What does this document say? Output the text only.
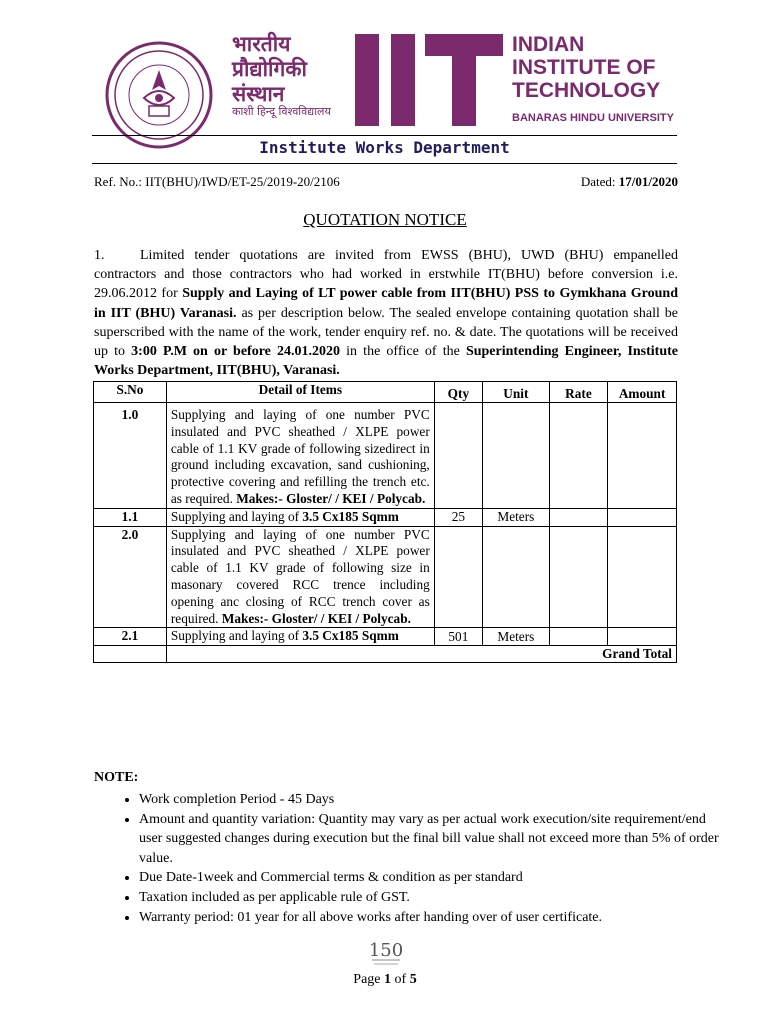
भारतीय
प्रौद्योगिकी
संस्थान
काशी हिन्दू विश्वविद्यालय
INDIAN
INSTITUTE OF
TECHNOLOGY
BANARAS HINDU UNIVERSITY
Institute Works Department
Ref. No.: IIT(BHU)/IWD/ET-25/2019-20/2106	Dated: 17/01/2020
QUOTATION NOTICE
1.	Limited tender quotations are invited from EWSS (BHU), UWD (BHU) empanelled contractors and those contractors who had worked in erstwhile IT(BHU) before conversion i.e. 29.06.2012 for Supply and Laying of LT power cable from IIT(BHU) PSS to Gymkhana Ground in IIT (BHU) Varanasi. as per description below. The sealed envelope containing quotation shall be superscribed with the name of the work, tender enquiry ref. no. & date. The quotations will be received up to 3:00 P.M on or before 24.01.2020 in the office of the Superintending Engineer, Institute Works Department, IIT(BHU), Varanasi.
S.No	Detail of Items	Qty	Unit	Rate	Amount
1.0	Supplying and laying of one number PVC insulated and PVC sheathed / XLPE power cable of 1.1 KV grade of following sizedirect in ground including excavation, sand cushioning, protective covering and refilling the trench etc. as required. Makes:- Gloster/ / KEI / Polycab.				
1.1	Supplying and laying of 3.5 Cx185 Sqmm	25	Meters		
2.0	Supplying and laying of one number PVC insulated and PVC sheathed / XLPE power cable of 1.1 KV grade of following size in masonary covered RCC trence including opening anc closing of RCC trench cover as required. Makes:- Gloster/ / KEI / Polycab.				
2.1	Supplying and laying of 3.5 Cx185 Sqmm	501	Meters		
	Grand Total				
NOTE:
• Work completion Period - 45 Days
• Amount and quantity variation: Quantity may vary as per actual work execution/site requirement/end user suggested changes during execution but the final bill value shall not exceed more than 5% of order value.
• Due Date-1week and Commercial terms & condition as per standard
• Taxation included as per applicable rule of GST.
• Warranty period: 01 year for all above works after handing over of user certificate.
150
Page 1 of 5
